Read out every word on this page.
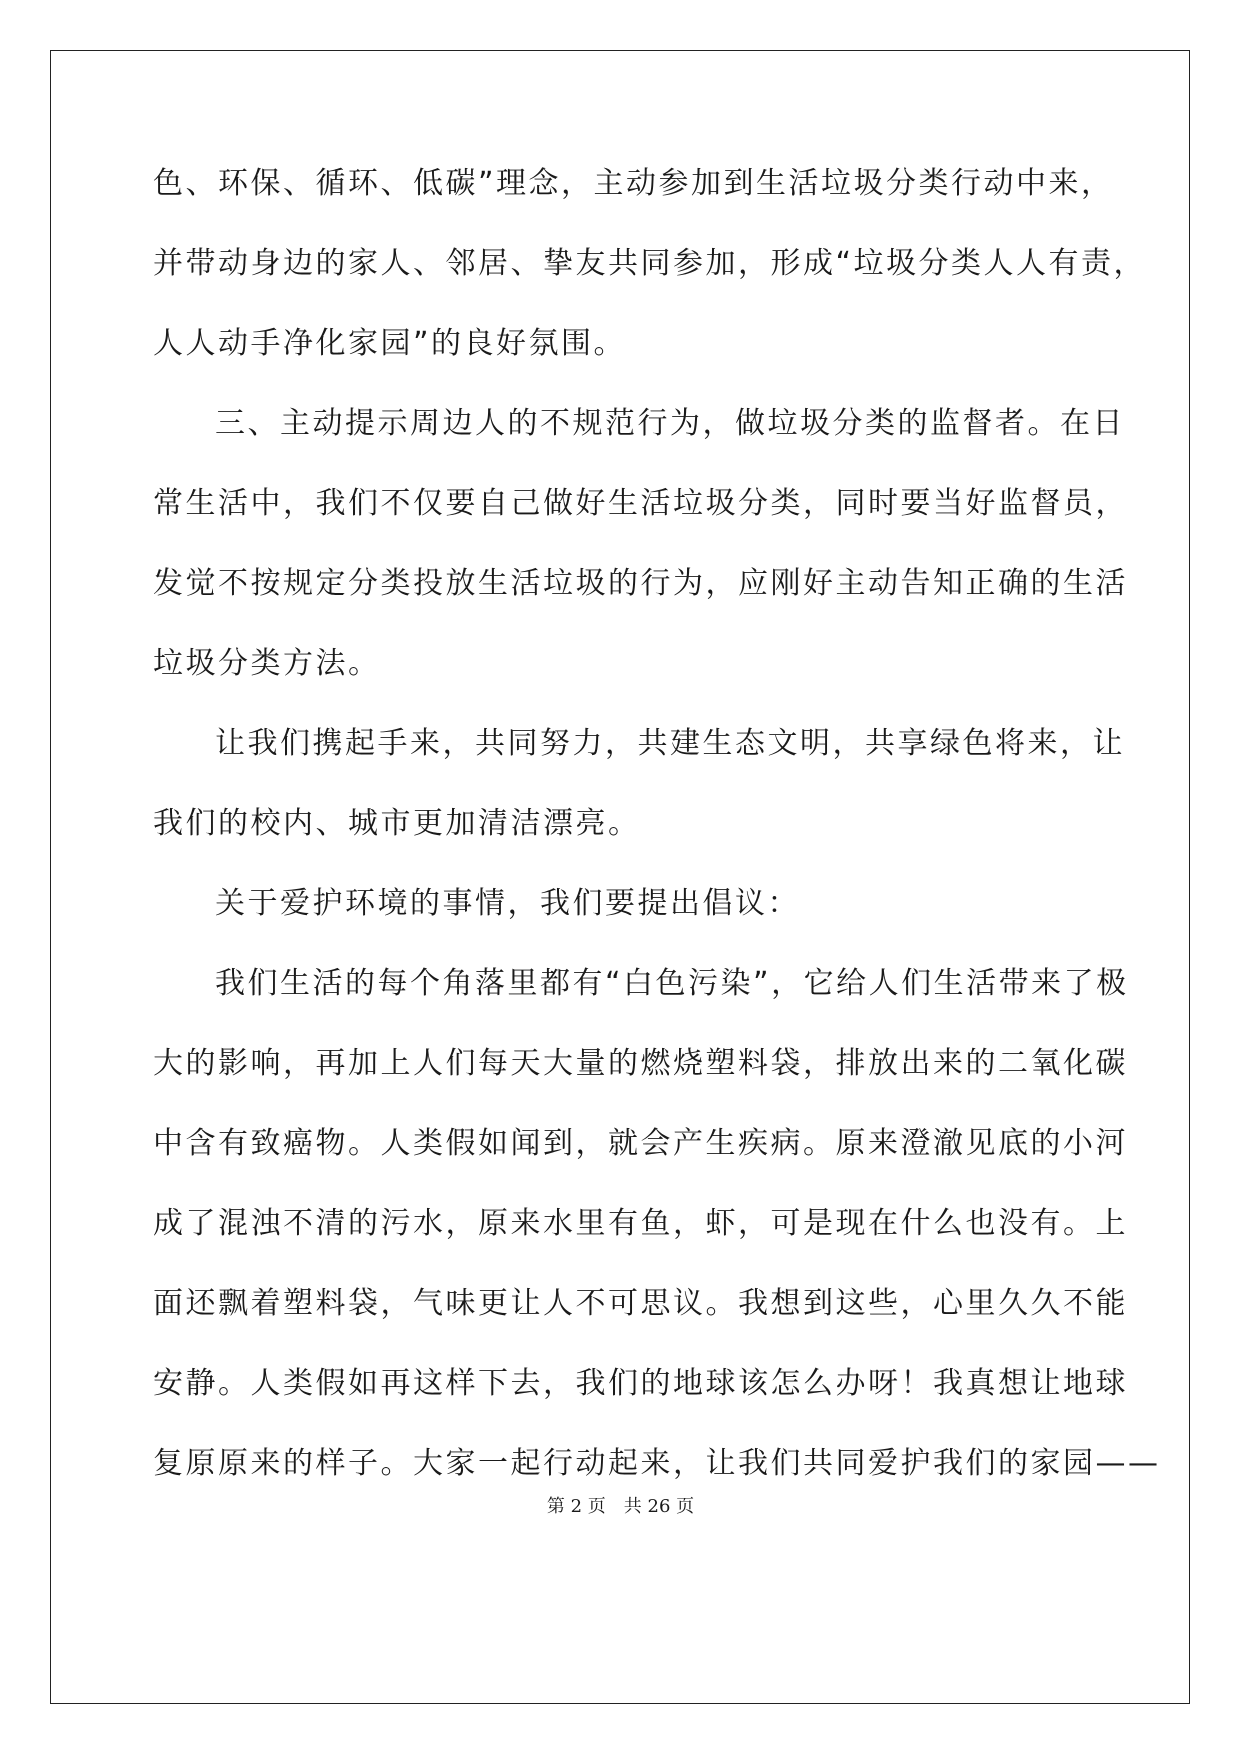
色、环保、循环、低碳”理念，主动参加到生活垃圾分类行动中来，
并带动身边的家人、邻居、挚友共同参加，形成“垃圾分类人人有责，
人人动手净化家园”的良好氛围。
三、主动提示周边人的不规范行为，做垃圾分类的监督者。在日
常生活中，我们不仅要自己做好生活垃圾分类，同时要当好监督员，
发觉不按规定分类投放生活垃圾的行为，应刚好主动告知正确的生活
垃圾分类方法。
让我们携起手来，共同努力，共建生态文明，共享绿色将来，让
我们的校内、城市更加清洁漂亮。
关于爱护环境的事情，我们要提出倡议：
我们生活的每个角落里都有“白色污染”，它给人们生活带来了极
大的影响，再加上人们每天大量的燃烧塑料袋，排放出来的二氧化碳
中含有致癌物。人类假如闻到，就会产生疾病。原来澄澈见底的小河
成了混浊不清的污水，原来水里有鱼，虾，可是现在什么也没有。上
面还飘着塑料袋，气味更让人不可思议。我想到这些，心里久久不能
安静。人类假如再这样下去，我们的地球该怎么办呀！我真想让地球
复原原来的样子。大家一起行动起来，让我们共同爱护我们的家园——
第 2 页　共 26 页
